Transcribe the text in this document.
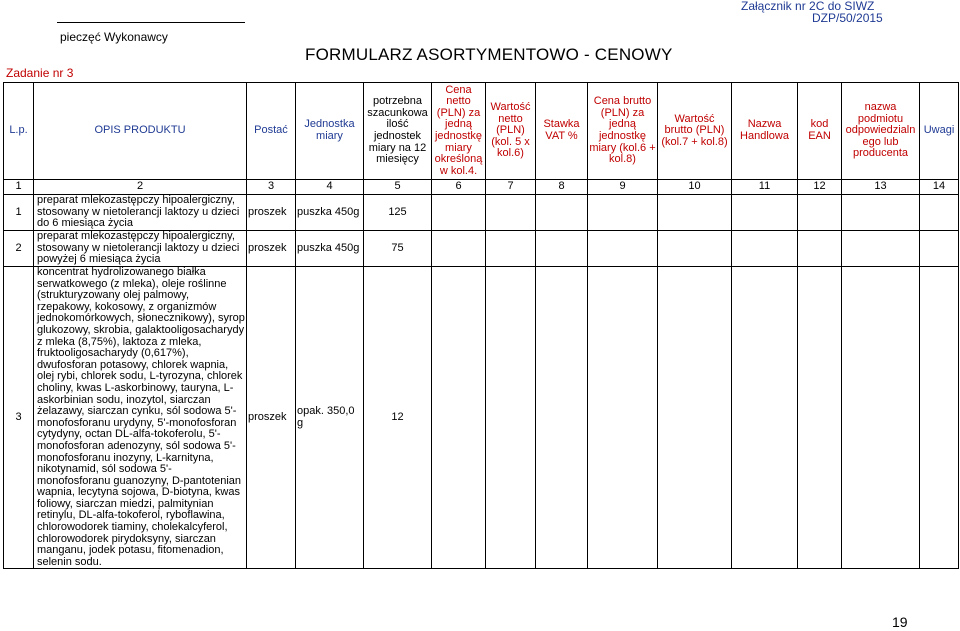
Zadanie nr 3
pieczęć Wykonawcy
FORMULARZ ASORTYMENTOWO - CENOWY
Załącznik nr 2C do SIWZ
DZP/50/2015
L.p.	OPIS PRODUKTU	Postać	Jednostka miary	potrzebna szacunkowa ilość jednostek miary na 12 miesięcy	Cena netto (PLN) za jedną jednostkę miary określoną w kol.4.	Wartość netto (PLN) (kol. 5 x kol.6)	Stawka VAT %	Cena brutto (PLN) za jedną jednostkę miary (kol.6 + kol.8)	Wartość brutto (PLN) (kol.7 + kol.8)	Nazwa Handlowa	kod EAN	nazwa podmiotu odpowiedzialn ego lub producenta	Uwagi
1	2	3	4	5	6	7	8	9	10	11	12	13	14
1	preparat mlekozastępczy hipoalergiczny, stosowany w nietolerancji laktozy u dzieci do 6 miesiąca życia	proszek	puszka 450g	125									
2	preparat mlekozastępczy hipoalergiczny, stosowany w nietolerancji laktozy u dzieci powyżej 6 miesiąca życia	proszek	puszka 450g	75									
3	koncentrat hydrolizowanego białka serwatkowego (z mleka), oleje roślinne (strukturyzowany olej palmowy, rzepakowy, kokosowy, z organizmów jednokomórkowych, słonecznikowy), syrop glukozowy, skrobia, galaktooligosacharydy z mleka (8,75%), laktoza z mleka, fruktooligosacharydy (0,617%), dwufosforan potasowy, chlorek wapnia, olej rybi, chlorek sodu, L-tyrozyna, chlorek choliny, kwas L-askorbinowy, tauryna, L-askorbinian sodu, inozytol, siarczan żelazawy, siarczan cynku, sól sodowa 5'-monofosforanu urydyny, 5'-monofosforan cytydyny, octan DL-alfa-tokoferolu, 5'-monofosforan adenozyny, sól sodowa 5'-monofosforanu inozyny, L-karnityna, nikotynamid, sól sodowa 5'-monofosforanu guanozyny, D-pantotenian wapnia, lecytyna sojowa, D-biotyna, kwas foliowy, siarczan miedzi, palmitynian retinylu, DL-alfa-tokoferol, ryboflawina, chlorowodorek tiaminy, cholekalcyferol, chlorowodorek pirydoksyny, siarczan manganu, jodek potasu, fitomenadion, selenin sodu.	proszek	opak. 350,0 g	12									
19
